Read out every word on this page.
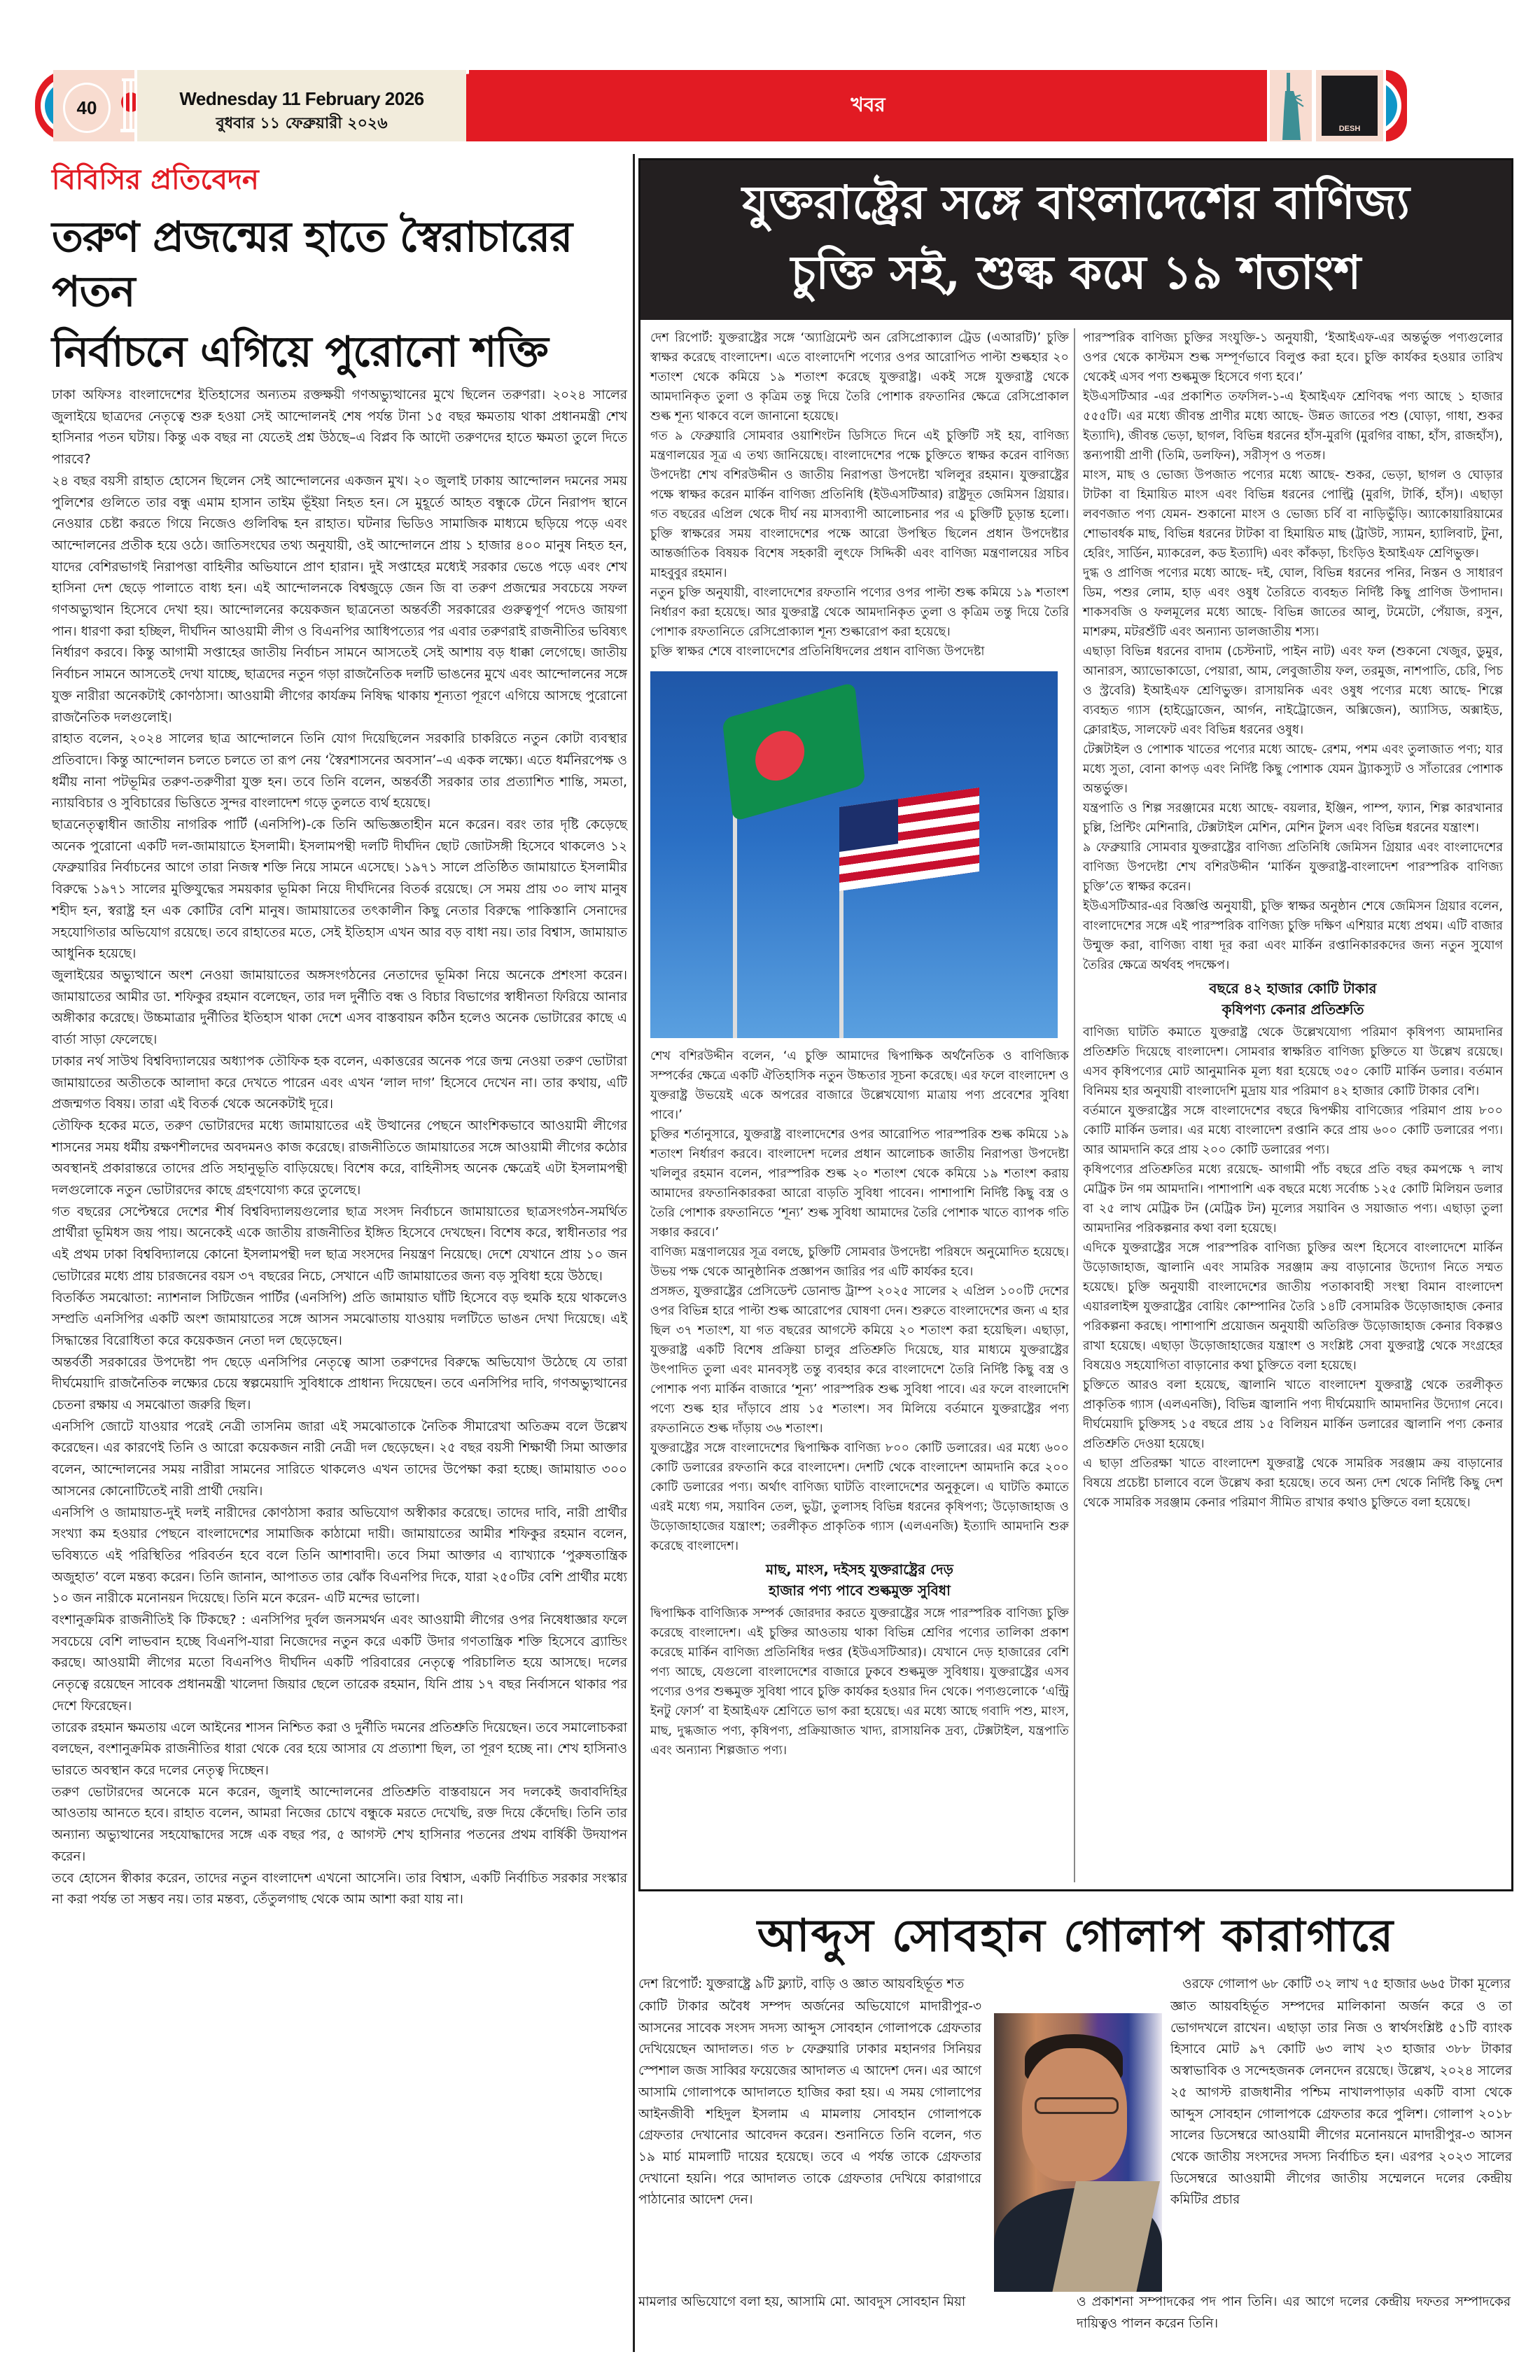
40	Wednesday 11 February 2026
বুধবার ১১ ফেব্রুয়ারী ২০২৬
খবর
DESH
বিবিসির প্রতিবেদন
তরুণ প্রজন্মের হাতে স্বৈরাচারের পতন
নির্বাচনে এগিয়ে পুরোনো শক্তি

ঢাকা অফিসঃ বাংলাদেশের ইতিহাসের অন্যতম রক্তক্ষয়ী গণঅভ্যুত্থানের মুখে ছিলেন তরুণরা। ২০২৪ সালের জুলাইয়ে ছাত্রদের নেতৃত্বে শুরু হওয়া সেই আন্দোলনই শেষ পর্যন্ত টানা ১৫ বছর ক্ষমতায় থাকা প্রধানমন্ত্রী শেখ হাসিনার পতন ঘটায়। কিন্তু এক বছর না যেতেই প্রশ্ন উঠছে–এ বিপ্লব কি আদৌ তরুণদের হাতে ক্ষমতা তুলে দিতে পারবে?

২৪ বছর বয়সী রাহাত হোসেন ছিলেন সেই আন্দোলনের একজন মুখ। ২০ জুলাই ঢাকায় আন্দোলন দমনের সময় পুলিশের গুলিতে তার বন্ধু এমাম হাসান তাইম ভূঁইয়া নিহত হন। সে মুহূর্তে আহত বন্ধুকে টেনে নিরাপদ স্থানে নেওয়ার চেষ্টা করতে গিয়ে নিজেও গুলিবিদ্ধ হন রাহাত। ঘটনার ভিডিও সামাজিক মাধ্যমে ছড়িয়ে পড়ে এবং আন্দোলনের প্রতীক হয়ে ওঠে। জাতিসংঘের তথ্য অনুযায়ী, ওই আন্দোলনে প্রায় ১ হাজার ৪০০ মানুষ নিহত হন, যাদের বেশিরভাগই নিরাপত্তা বাহিনীর অভিযানে প্রাণ হারান। দুই সপ্তাহের মধ্যেই সরকার ভেঙে পড়ে এবং শেখ হাসিনা দেশ ছেড়ে পালাতে বাধ্য হন। এই আন্দোলনকে বিশ্বজুড়ে জেন জি বা তরুণ প্রজন্মের সবচেয়ে সফল গণঅভ্যুত্থান হিসেবে দেখা হয়। আন্দোলনের কয়েকজন ছাত্রনেতা অন্তর্বর্তী সরকারের গুরুত্বপূর্ণ পদেও জায়গা পান। ধারণা করা হচ্ছিল, দীর্ঘদিন আওয়ামী লীগ ও বিএনপির আধিপত্যের পর এবার তরুণরাই রাজনীতির ভবিষ্যৎ নির্ধারণ করবে। কিন্তু আগামী সপ্তাহের জাতীয় নির্বাচন সামনে আসতেই সেই আশায় বড় ধাক্কা লেগেছে। জাতীয় নির্বাচন সামনে আসতেই দেখা যাচ্ছে, ছাত্রদের নতুন গড়া রাজনৈতিক দলটি ভাঙনের মুখে এবং আন্দোলনের সঙ্গে যুক্ত নারীরা অনেকটাই কোণঠাসা। আওয়ামী লীগের কার্যক্রম নিষিদ্ধ থাকায় শূন্যতা পূরণে এগিয়ে আসছে পুরোনো রাজনৈতিক দলগুলোই।

রাহাত বলেন, ২০২৪ সালের ছাত্র আন্দোলনে তিনি যোগ দিয়েছিলেন সরকারি চাকরিতে নতুন কোটা ব্যবস্থার প্রতিবাদে। কিন্তু আন্দোলন চলতে চলতে তা রূপ নেয় ‘স্বৈরশাসনের অবসান’–এ একক লক্ষ্যে। এতে ধর্মনিরপেক্ষ ও ধর্মীয় নানা পটভূমির তরুণ-তরুণীরা যুক্ত হন। তবে তিনি বলেন, অন্তর্বর্তী সরকার তার প্রত্যাশিত শান্তি, সমতা, ন্যায়বিচার ও সুবিচারের ভিত্তিতে সুন্দর বাংলাদেশ গড়ে তুলতে ব্যর্থ হয়েছে।

ছাত্রনেতৃত্বাধীন জাতীয় নাগরিক পার্টি (এনসিপি)-কে তিনি অভিজ্ঞতাহীন মনে করেন। বরং তার দৃষ্টি কেড়েছে অনেক পুরোনো একটি দল-জামায়াতে ইসলামী। ইসলামপন্থী দলটি দীর্ঘদিন ছোট জোটসঙ্গী হিসেবে থাকলেও ১২ ফেব্রুয়ারির নির্বাচনের আগে তারা নিজস্ব শক্তি নিয়ে সামনে এসেছে। ১৯৭১ সালে প্রতিষ্ঠিত জামায়াতে ইসলামীর বিরুদ্ধে ১৯৭১ সালের মুক্তিযুদ্ধের সময়কার ভূমিকা নিয়ে দীর্ঘদিনের বিতর্ক রয়েছে। সে সময় প্রায় ৩০ লাখ মানুষ শহীদ হন, স্বরাষ্ট্র হন এক কোটির বেশি মানুষ। জামায়াতের তৎকালীন কিছু নেতার বিরুদ্ধে পাকিস্তানি সেনাদের সহযোগিতার অভিযোগ রয়েছে। তবে রাহাতের মতে, সেই ইতিহাস এখন আর বড় বাধা নয়। তার বিশ্বাস, জামায়াত আধুনিক হয়েছে।

জুলাইয়ের অভ্যুত্থানে অংশ নেওয়া জামায়াতের অঙ্গসংগঠনের নেতাদের ভূমিকা নিয়ে অনেকে প্রশংসা করেন। জামায়াতের আমীর ডা. শফিকুর রহমান বলেছেন, তার দল দুর্নীতি বন্ধ ও বিচার বিভাগের স্বাধীনতা ফিরিয়ে আনার অঙ্গীকার করেছে। উচ্চমাত্রার দুর্নীতির ইতিহাস থাকা দেশে এসব বাস্তবায়ন কঠিন হলেও অনেক ভোটারের কাছে এ বার্তা সাড়া ফেলেছে।

ঢাকার নর্থ সাউথ বিশ্ববিদ্যালয়ের অধ্যাপক তৌফিক হক বলেন, একাত্তরের অনেক পরে জন্ম নেওয়া তরুণ ভোটারা জামায়াতের অতীতকে আলাদা করে দেখতে পারেন এবং এখন ‘লাল দাগ’ হিসেবে দেখেন না। তার কথায়, এটি প্রজন্মগত বিষয়। তারা এই বিতর্ক থেকে অনেকটাই দূরে।

তৌফিক হকের মতে, তরুণ ভোটারদের মধ্যে জামায়াতের এই উত্থানের পেছনে আংশিকভাবে আওয়ামী লীগের শাসনের সময় ধর্মীয় রক্ষণশীলদের অবদমনও কাজ করেছে। রাজনীতিতে জামায়াতের সঙ্গে আওয়ামী লীগের কঠোর অবস্থানই প্রকারান্তরে তাদের প্রতি সহানুভূতি বাড়িয়েছে। বিশেষ করে, বাহিনীসহ অনেক ক্ষেত্রেই এটা ইসলামপন্থী দলগুলোকে নতুন ভোটারদের কাছে গ্রহণযোগ্য করে তুলেছে।

গত বছরের সেপ্টেম্বরে দেশের শীর্ষ বিশ্ববিদ্যালয়গুলোর ছাত্র সংসদ নির্বাচনে জামায়াতের ছাত্রসংগঠন-সমর্থিত প্রার্থীরা ভূমিধস জয় পায়। অনেকেই একে জাতীয় রাজনীতির ইঙ্গিত হিসেবে দেখছেন। বিশেষ করে, স্বাধীনতার পর এই প্রথম ঢাকা বিশ্ববিদ্যালয়ে কোনো ইসলামপন্থী দল ছাত্র সংসদের নিয়ন্ত্রণ নিয়েছে। দেশে যেখানে প্রায় ১০ জন ভোটারের মধ্যে প্রায় চারজনের বয়স ৩৭ বছরের নিচে, সেখানে এটি জামায়াতের জন্য বড় সুবিধা হয়ে উঠছে।

বিতর্কিত সমঝোতা: ন্যাশনাল সিটিজেন পার্টির (এনসিপি) প্রতি জামায়াত ঘাঁটি হিসেবে বড় হুমকি হয়ে থাকলেও সম্প্রতি এনসিপির একটি অংশ জামায়াতের সঙ্গে আসন সমঝোতায় যাওয়ায় দলটিতে ভাঙন দেখা দিয়েছে। এই সিদ্ধান্তের বিরোধিতা করে কয়েকজন নেতা দল ছেড়েছেন।

অন্তর্বর্তী সরকারের উপদেষ্টা পদ ছেড়ে এনসিপির নেতৃত্বে আসা তরুণদের বিরুদ্ধে অভিযোগ উঠেছে যে তারা দীর্ঘমেয়াদি রাজনৈতিক লক্ষ্যের চেয়ে স্বল্পমেয়াদি সুবিধাকে প্রাধান্য দিয়েছেন। তবে এনসিপির দাবি, গণঅভ্যুত্থানের চেতনা রক্ষায় এ সমঝোতা জরুরি ছিল।

এনসিপি জোটে যাওয়ার পরেই নেত্রী তাসনিম জারা এই সমঝোতাকে নৈতিক সীমারেখা অতিক্রম বলে উল্লেখ করেছেন। এর কারণেই তিনি ও আরো কয়েকজন নারী নেত্রী দল ছেড়েছেন। ২৫ বছর বয়সী শিক্ষার্থী সিমা আক্তার বলেন, আন্দোলনের সময় নারীরা সামনের সারিতে থাকলেও এখন তাদের উপেক্ষা করা হচ্ছে। জামায়াত ৩০০ আসনের কোনোটিতেই নারী প্রার্থী দেয়নি।

এনসিপি ও জামায়াত-দুই দলই নারীদের কোণঠাসা করার অভিযোগ অস্বীকার করেছে। তাদের দাবি, নারী প্রার্থীর সংখ্যা কম হওয়ার পেছনে বাংলাদেশের সামাজিক কাঠামো দায়ী। জামায়াতের আমীর শফিকুর রহমান বলেন, ভবিষ্যতে এই পরিস্থিতির পরিবর্তন হবে বলে তিনি আশাবাদী। তবে সিমা আক্তার এ ব্যাখ্যাকে ‘পুরুষতান্ত্রিক অজুহাত’ বলে মন্তব্য করেন। তিনি জানান, আপাতত তার ঝোঁক বিএনপির দিকে, যারা ২৫০টির বেশি প্রার্থীর মধ্যে ১০ জন নারীকে মনোনয়ন দিয়েছে। তিনি মনে করেন- এটি মন্দের ভালো।

বংশানুক্রমিক রাজনীতিই কি টিকছে? : এনসিপির দুর্বল জনসমর্থন এবং আওয়ামী লীগের ওপর নিষেধাজ্ঞার ফলে সবচেয়ে বেশি লাভবান হচ্ছে বিএনপি-যারা নিজেদের নতুন করে একটি উদার গণতান্ত্রিক শক্তি হিসেবে ব্র্যান্ডিং করছে। আওয়ামী লীগের মতো বিএনপিও দীর্ঘদিন একটি পরিবারের নেতৃত্বে পরিচালিত হয়ে আসছে। দলের নেতৃত্বে রয়েছেন সাবেক প্রধানমন্ত্রী খালেদা জিয়ার ছেলে তারেক রহমান, যিনি প্রায় ১৭ বছর নির্বাসনে থাকার পর দেশে ফিরেছেন।

তারেক রহমান ক্ষমতায় এলে আইনের শাসন নিশ্চিত করা ও দুর্নীতি দমনের প্রতিশ্রুতি দিয়েছেন। তবে সমালোচকরা বলছেন, বংশানুক্রমিক রাজনীতির ধারা থেকে বের হয়ে আসার যে প্রত্যাশা ছিল, তা পূরণ হচ্ছে না। শেখ হাসিনাও ভারতে অবস্থান করে দলের নেতৃত্ব দিচ্ছেন।

তরুণ ভোটারদের অনেকে মনে করেন, জুলাই আন্দোলনের প্রতিশ্রুতি বাস্তবায়নে সব দলকেই জবাবদিহির আওতায় আনতে হবে। রাহাত বলেন, আমরা নিজের চোখে বন্ধুকে মরতে দেখেছি, রক্ত দিয়ে কেঁদেছি। তিনি তার অন্যান্য অভ্যুত্থানের সহযোদ্ধাদের সঙ্গে এক বছর পর, ৫ আগস্ট শেখ হাসিনার পতনের প্রথম বার্ষিকী উদযাপন করেন।

তবে হোসেন স্বীকার করেন, তাদের নতুন বাংলাদেশ এখনো আসেনি। তার বিশ্বাস, একটি নির্বাচিত সরকার সংস্কার না করা পর্যন্ত তা সম্ভব নয়। তার মন্তব্য, তেঁতুলগাছ থেকে আম আশা করা যায় না।

যুক্তরাষ্ট্রের সঙ্গে বাংলাদেশের বাণিজ্য
চুক্তি সই, শুল্ক কমে ১৯ শতাংশ

দেশ রিপোর্ট: যুক্তরাষ্ট্রের সঙ্গে ‘অ্যাগ্রিমেন্ট অন রেসিপ্রোক্যাল ট্রেড (এআরটি)’ চুক্তি স্বাক্ষর করেছে বাংলাদেশ। এতে বাংলাদেশি পণ্যের ওপর আরোপিত পাল্টা শুল্কহার ২০ শতাংশ থেকে কমিয়ে ১৯ শতাংশ করেছে যুক্তরাষ্ট্র। একই সঙ্গে যুক্তরাষ্ট্র থেকে আমদানিকৃত তুলা ও কৃত্রিম তন্তু দিয়ে তৈরি পোশাক রফতানির ক্ষেত্রে রেসিপ্রোকাল শুল্ক শূন্য থাকবে বলে জানানো হয়েছে।

গত ৯ ফেব্রুয়ারি সোমবার ওয়াশিংটন ডিসিতে দিনে এই চুক্তিটি সই হয়, বাণিজ্য মন্ত্রণালয়ের সূত্র এ তথ্য জানিয়েছে। বাংলাদেশের পক্ষে চুক্তিতে স্বাক্ষর করেন বাণিজ্য উপদেষ্টা শেখ বশিরউদ্দীন ও জাতীয় নিরাপত্তা উপদেষ্টা খলিলুর রহমান। যুক্তরাষ্ট্রের পক্ষে স্বাক্ষর করেন মার্কিন বাণিজ্য প্রতিনিধি (ইউএসটিআর) রাষ্ট্রদূত জেমিসন গ্রিয়ার। গত বছরের এপ্রিল থেকে দীর্ঘ নয় মাসব্যাপী আলোচনার পর এ চুক্তিটি চূড়ান্ত হলো। চুক্তি স্বাক্ষরের সময় বাংলাদেশের পক্ষে আরো উপস্থিত ছিলেন প্রধান উপদেষ্টার আন্তর্জাতিক বিষয়ক বিশেষ সহকারী লুৎফে সিদ্দিকী এবং বাণিজ্য মন্ত্রণালয়ের সচিব মাহবুবুর রহমান।

নতুন চুক্তি অনুযায়ী, বাংলাদেশের রফতানি পণ্যের ওপর পাল্টা শুল্ক কমিয়ে ১৯ শতাংশ নির্ধারণ করা হয়েছে। আর যুক্তরাষ্ট্র থেকে আমদানিকৃত তুলা ও কৃত্রিম তন্তু দিয়ে তৈরি পোশাক রফতানিতে রেসিপ্রোক্যাল শূন্য শুল্কারোপ করা হয়েছে।

চুক্তি স্বাক্ষর শেষে বাংলাদেশের প্রতিনিধিদলের প্রধান বাণিজ্য উপদেষ্টা

শেখ বশিরউদ্দীন বলেন, ‘এ চুক্তি আমাদের দ্বিপাক্ষিক অর্থনৈতিক ও বাণিজ্যিক সম্পর্কের ক্ষেত্রে একটি ঐতিহাসিক নতুন উচ্চতার সূচনা করেছে। এর ফলে বাংলাদেশ ও যুক্তরাষ্ট্র উভয়েই একে অপরের বাজারে উল্লেখযোগ্য মাত্রায় পণ্য প্রবেশের সুবিধা পাবে।’

চুক্তির শর্তানুসারে, যুক্তরাষ্ট্র বাংলাদেশের ওপর আরোপিত পারস্পরিক শুল্ক কমিয়ে ১৯ শতাংশ নির্ধারণ করবে। বাংলাদেশ দলের প্রধান আলোচক জাতীয় নিরাপত্তা উপদেষ্টা খলিলুর রহমান বলেন, পারস্পরিক শুল্ক ২০ শতাংশ থেকে কমিয়ে ১৯ শতাংশ করায় আমাদের রফতানিকারকরা আরো বাড়তি সুবিধা পাবেন। পাশাপাশি নির্দিষ্ট কিছু বস্ত্র ও তৈরি পোশাক রফতানিতে ‘শূন্য’ শুল্ক সুবিধা আমাদের তৈরি পোশাক খাতে ব্যাপক গতি সঞ্চার করবে।’

বাণিজ্য মন্ত্রণালয়ের সূত্র বলছে, চুক্তিটি সোমবার উপদেষ্টা পরিষদে অনুমোদিত হয়েছে। উভয় পক্ষ থেকে আনুষ্ঠানিক প্রজ্ঞাপন জারির পর এটি কার্যকর হবে।

প্রসঙ্গত, যুক্তরাষ্ট্রের প্রেসিডেন্ট ডোনাল্ড ট্রাম্প ২০২৫ সালের ২ এপ্রিল ১০০টি দেশের ওপর বিভিন্ন হারে পাল্টা শুল্ক আরোপের ঘোষণা দেন। শুরুতে বাংলাদেশের জন্য এ হার ছিল ৩৭ শতাংশ, যা গত বছরের আগস্টে কমিয়ে ২০ শতাংশ করা হয়েছিল। এছাড়া, যুক্তরাষ্ট্র একটি বিশেষ প্রক্রিয়া চালুর প্রতিশ্রুতি দিয়েছে, যার মাধ্যমে যুক্তরাষ্ট্রের উৎপাদিত তুলা এবং মানবসৃষ্ট তন্তু ব্যবহার করে বাংলাদেশে তৈরি নির্দিষ্ট কিছু বস্ত্র ও পোশাক পণ্য মার্কিন বাজারে ‘শূন্য’ পারস্পরিক শুল্ক সুবিধা পাবে। এর ফলে বাংলাদেশি পণ্যে শুল্ক হার দাঁড়াবে প্রায় ১৫ শতাংশ। সব মিলিয়ে বর্তমানে যুক্তরাষ্ট্রের পণ্য রফতানিতে শুল্ক দাঁড়ায় ৩৬ শতাংশ।

যুক্তরাষ্ট্রের সঙ্গে বাংলাদেশের দ্বিপাক্ষিক বাণিজ্য ৮০০ কোটি ডলারের। এর মধ্যে ৬০০ কোটি ডলারের রফতানি করে বাংলাদেশ। দেশটি থেকে বাংলাদেশ আমদানি করে ২০০ কোটি ডলারের পণ্য। অর্থাৎ বাণিজ্য ঘাটতি বাংলাদেশের অনুকূলে। এ ঘাটতি কমাতে এরই মধ্যে গম, সয়াবিন তেল, ভুট্টা, তুলাসহ বিভিন্ন ধরনের কৃষিপণ্য; উড়োজাহাজ ও উড়োজাহাজের যন্ত্রাংশ; তরলীকৃত প্রাকৃতিক গ্যাস (এলএনজি) ইত্যাদি আমদানি শুরু করেছে বাংলাদেশ।

মাছ, মাংস, দইসহ যুক্তরাষ্ট্রের দেড়
হাজার পণ্য পাবে শুল্কমুক্ত সুবিধা

দ্বিপাক্ষিক বাণিজ্যিক সম্পর্ক জোরদার করতে যুক্তরাষ্ট্রের সঙ্গে পারস্পরিক বাণিজ্য চুক্তি করেছে বাংলাদেশ। এই চুক্তির আওতায় থাকা বিভিন্ন শ্রেণির পণ্যের তালিকা প্রকাশ করেছে মার্কিন বাণিজ্য প্রতিনিধির দপ্তর (ইউএসটিআর)। যেখানে দেড় হাজারের বেশি পণ্য আছে, যেগুলো বাংলাদেশের বাজারে ঢুকবে শুল্কমুক্ত সুবিধায়। যুক্তরাষ্ট্রের এসব পণ্যের ওপর শুল্কমুক্ত সুবিধা পাবে চুক্তি কার্যকর হওয়ার দিন থেকে। পণ্যগুলোকে ‘এন্ট্রি ইনটু ফোর্স’ বা ইআইএফ শ্রেণিতে ভাগ করা হয়েছে। এর মধ্যে আছে গবাদি পশু, মাংস, মাছ, দুগ্ধজাত পণ্য, কৃষিপণ্য, প্রক্রিয়াজাত খাদ্য, রাসায়নিক দ্রব্য, টেক্সটাইল, যন্ত্রপাতি এবং অন্যান্য শিল্পজাত পণ্য।

পারস্পরিক বাণিজ্য চুক্তির সংযুক্তি-১ অনুযায়ী, ‘ইআইএফ-এর অন্তর্ভুক্ত পণ্যগুলোর ওপর থেকে কাস্টমস শুল্ক সম্পূর্ণভাবে বিলুপ্ত করা হবে। চুক্তি কার্যকর হওয়ার তারিখ থেকেই এসব পণ্য শুল্কমুক্ত হিসেবে গণ্য হবে।’

ইউএসটিআর -এর প্রকাশিত তফসিল-১-এ ইআইএফ শ্রেণিবদ্ধ পণ্য আছে ১ হাজার ৫৫৫টি। এর মধ্যে জীবন্ত প্রাণীর মধ্যে আছে- উন্নত জাতের পশু (ঘোড়া, গাধা, শুকর ইত্যাদি), জীবন্ত ভেড়া, ছাগল, বিভিন্ন ধরনের হাঁস-মুরগি (মুরগির বাচ্চা, হাঁস, রাজহাঁস), স্তন্যপায়ী প্রাণী (তিমি, ডলফিন), সরীসৃপ ও পতঙ্গ।

মাংস, মাছ ও ভোজ্য উপজাত পণ্যের মধ্যে আছে- শুকর, ভেড়া, ছাগল ও ঘোড়ার টাটকা বা হিমায়িত মাংস এবং বিভিন্ন ধরনের পোল্ট্রি (মুরগি, টার্কি, হাঁস)। এছাড়া লবণজাত পণ্য যেমন- শুকানো মাংস ও ভোজ্য চর্বি বা নাড়িভুঁড়ি। অ্যাকোয়ারিয়ামের শোভাবর্ধক মাছ, বিভিন্ন ধরনের টাটকা বা হিমায়িত মাছ (ট্রাউট, স্যামন, হ্যালিবাট, টুনা, হেরিং, সার্ডিন, ম্যাকরেল, কড ইত্যাদি) এবং কাঁকড়া, চিংড়িও ইআইএফ শ্রেণিভুক্ত।

দুগ্ধ ও প্রাণিজ পণ্যের মধ্যে আছে- দই, ঘোল, বিভিন্ন ধরনের পনির, নিস্তন ও সাধারণ ডিম, পশুর লোম, হাড় এবং ওষুধ তৈরিতে ব্যবহৃত নির্দিষ্ট কিছু প্রাণিজ উপাদান। শাকসবজি ও ফলমূলের মধ্যে আছে- বিভিন্ন জাতের আলু, টমেটো, পেঁয়াজ, রসুন, মাশরুম, মটরশুঁটি এবং অন্যান্য ডালজাতীয় শস্য।

এছাড়া বিভিন্ন ধরনের বাদাম (চেস্টনাট, পাইন নাট) এবং ফল (শুকনো খেজুর, ডুমুর, আনারস, অ্যাভোকাডো, পেয়ারা, আম, লেবুজাতীয় ফল, তরমুজ, নাশপাতি, চেরি, পিচ ও স্ট্রবেরি) ইআইএফ শ্রেণিভুক্ত। রাসায়নিক এবং ওষুধ পণ্যের মধ্যে আছে- শিল্পে ব্যবহৃত গ্যাস (হাইড্রোজেন, আর্গন, নাইট্রোজেন, অক্সিজেন), অ্যাসিড, অক্সাইড, ক্লোরাইড, সালফেট এবং বিভিন্ন ধরনের ওষুধ।

টেক্সটাইল ও পোশাক খাতের পণ্যের মধ্যে আছে- রেশম, পশম এবং তুলাজাত পণ্য; যার মধ্যে সুতা, বোনা কাপড় এবং নির্দিষ্ট কিছু পোশাক যেমন ট্র্যাকস্যুট ও সাঁতারের পোশাক অন্তর্ভুক্ত।

যন্ত্রপাতি ও শিল্প সরঞ্জামের মধ্যে আছে- বয়লার, ইঞ্জিন, পাম্প, ফ্যান, শিল্প কারখানার চুল্লি, প্রিন্টিং মেশিনারি, টেক্সটাইল মেশিন, মেশিন টুলস এবং বিভিন্ন ধরনের যন্ত্রাংশ।

৯ ফেব্রুয়ারি সোমবার যুক্তরাষ্ট্রের বাণিজ্য প্রতিনিধি জেমিসন গ্রিয়ার এবং বাংলাদেশের বাণিজ্য উপদেষ্টা শেখ বশিরউদ্দীন ‘মার্কিন যুক্তরাষ্ট্র-বাংলাদেশ পারস্পরিক বাণিজ্য চুক্তি’তে স্বাক্ষর করেন।

ইউএসটিআর-এর বিজ্ঞপ্তি অনুযায়ী, চুক্তি স্বাক্ষর অনুষ্ঠান শেষে জেমিসন গ্রিয়ার বলেন, বাংলাদেশের সঙ্গে এই পারস্পরিক বাণিজ্য চুক্তি দক্ষিণ এশিয়ার মধ্যে প্রথম। এটি বাজার উন্মুক্ত করা, বাণিজ্য বাধা দূর করা এবং মার্কিন রপ্তানিকারকদের জন্য নতুন সুযোগ তৈরির ক্ষেত্রে অর্থবহ পদক্ষেপ।

বছরে ৪২ হাজার কোটি টাকার
কৃষিপণ্য কেনার প্রতিশ্রুতি

বাণিজ্য ঘাটতি কমাতে যুক্তরাষ্ট্র থেকে উল্লেখযোগ্য পরিমাণ কৃষিপণ্য আমদানির প্রতিশ্রুতি দিয়েছে বাংলাদেশ। সোমবার স্বাক্ষরিত বাণিজ্য চুক্তিতে যা উল্লেখ রয়েছে। এসব কৃষিপণ্যের মোট আনুমানিক মূল্য ধরা হয়েছে ৩৫০ কোটি মার্কিন ডলার। বর্তমান বিনিময় হার অনুযায়ী বাংলাদেশি মুদ্রায় যার পরিমাণ ৪২ হাজার কোটি টাকার বেশি।

বর্তমানে যুক্তরাষ্ট্রের সঙ্গে বাংলাদেশের বছরে দ্বিপক্ষীয় বাণিজ্যের পরিমাণ প্রায় ৮০০ কোটি মার্কিন ডলার। এর মধ্যে বাংলাদেশ রপ্তানি করে প্রায় ৬০০ কোটি ডলারের পণ্য। আর আমদানি করে প্রায় ২০০ কোটি ডলারের পণ্য।

কৃষিপণ্যের প্রতিশ্রুতির মধ্যে রয়েছে- আগামী পাঁচ বছরে প্রতি বছর কমপক্ষে ৭ লাখ মেট্রিক টন গম আমদানি। পাশাপাশি এক বছরে মধ্যে সর্বোচ্চ ১২৫ কোটি মিলিয়ন ডলার বা ২৫ লাখ মেট্রিক টন (মেট্রিক টন) মূল্যের সয়াবিন ও সয়াজাত পণ্য। এছাড়া তুলা আমদানির পরিকল্পনার কথা বলা হয়েছে।

এদিকে যুক্তরাষ্ট্রের সঙ্গে পারস্পরিক বাণিজ্য চুক্তির অংশ হিসেবে বাংলাদেশে মার্কিন উড়োজাহাজ, জ্বালানি এবং সামরিক সরঞ্জাম ক্রয় বাড়ানোর উদ্যোগ নিতে সম্মত হয়েছে। চুক্তি অনুযায়ী বাংলাদেশের জাতীয় পতাকাবাহী সংস্থা বিমান বাংলাদেশ এয়ারলাইন্স যুক্তরাষ্ট্রের বোয়িং কোম্পানির তৈরি ১৪টি বেসামরিক উড়োজাহাজ কেনার পরিকল্পনা করছে। পাশাপাশি প্রয়োজন অনুযায়ী অতিরিক্ত উড়োজাহাজ কেনার বিকল্পও রাখা হয়েছে। এছাড়া উড়োজাহাজের যন্ত্রাংশ ও সংশ্লিষ্ট সেবা যুক্তরাষ্ট্র থেকে সংগ্রহের বিষয়েও সহযোগিতা বাড়ানোর কথা চুক্তিতে বলা হয়েছে।

চুক্তিতে আরও বলা হয়েছে, জ্বালানি খাতে বাংলাদেশ যুক্তরাষ্ট্র থেকে তরলীকৃত প্রাকৃতিক গ্যাস (এলএনজি), বিভিন্ন জ্বালানি পণ্য দীর্ঘমেয়াদি আমদানির উদ্যোগ নেবে। দীর্ঘমেয়াদি চুক্তিসহ ১৫ বছরে প্রায় ১৫ বিলিয়ন মার্কিন ডলারের জ্বালানি পণ্য কেনার প্রতিশ্রুতি দেওয়া হয়েছে।

এ ছাড়া প্রতিরক্ষা খাতে বাংলাদেশ যুক্তরাষ্ট্র থেকে সামরিক সরঞ্জাম ক্রয় বাড়ানোর বিষয়ে প্রচেষ্টা চালাবে বলে উল্লেখ করা হয়েছে। তবে অন্য দেশ থেকে নির্দিষ্ট কিছু দেশ থেকে সামরিক সরঞ্জাম কেনার পরিমাণ সীমিত রাখার কথাও চুক্তিতে বলা হয়েছে।

আব্দুস সোবহান গোলাপ কারাগারে
দেশ রিপোর্ট: যুক্তরাষ্ট্রে ৯টি ফ্ল্যাট, বাড়ি ও জ্ঞাত আয়বহির্ভূত শত	ওরফে গোলাপ ৬৮ কোটি ৩২ লাখ ৭৫ হাজার ৬৬৫ টাকা মূল্যের

কোটি টাকার অবৈধ সম্পদ অর্জনের অভিযোগে মাদারীপুর-৩ আসনের সাবেক সংসদ সদস্য আব্দুস সোবহান গোলাপকে গ্রেফতার দেখিয়েছেন আদালত। গত ৮ ফেব্রুয়ারি ঢাকার মহানগর সিনিয়র স্পেশাল জজ সাব্বির ফয়েজের আদালত এ আদেশ দেন। এর আগে আসামি গোলাপকে আদালতে হাজির করা হয়। এ সময় গোলাপের আইনজীবী শহিদুল ইসলাম এ মামলায় সোবহান গোলাপকে গ্রেফতার দেখানোর আবেদন করেন। শুনানিতে তিনি বলেন, গত ১৯ মার্চ মামলাটি দায়ের হয়েছে। তবে এ পর্যন্ত তাকে গ্রেফতার দেখানো হয়নি। পরে আদালত তাকে গ্রেফতার দেখিয়ে কারাগারে পাঠানোর আদেশ দেন।

জ্ঞাত আয়বহির্ভূত সম্পদের মালিকানা অর্জন করে ও তা ভোগদখলে রাখেন। এছাড়া তার নিজ ও স্বার্থসংশ্লিষ্ট ৫১টি ব্যাংক হিসাবে মোট ৯৭ কোটি ৬৩ লাখ ২৩ হাজার ৩৮৮ টাকার অস্বাভাবিক ও সন্দেহজনক লেনদেন রয়েছে। উল্লেখ, ২০২৪ সালের ২৫ আগস্ট রাজধানীর পশ্চিম নাখালপাড়ার একটি বাসা থেকে আব্দুস সোবহান গোলাপকে গ্রেফতার করে পুলিশ। গোলাপ ২০১৮ সালের ডিসেম্বরে আওয়ামী লীগের মনোনয়নে মাদারীপুর-৩ আসন থেকে জাতীয় সংসদের সদস্য নির্বাচিত হন। এরপর ২০২৩ সালের ডিসেম্বরে আওয়ামী লীগের জাতীয় সম্মেলনে দলের কেন্দ্রীয় কমিটির প্রচার

মামলার অভিযোগে বলা হয়, আসামি মো. আবদুস সোবহান মিয়া	ও প্রকাশনা সম্পাদকের পদ পান তিনি। এর আগে দলের কেন্দ্রীয় দফতর সম্পাদকের দায়িত্বও পালন করেন তিনি।
